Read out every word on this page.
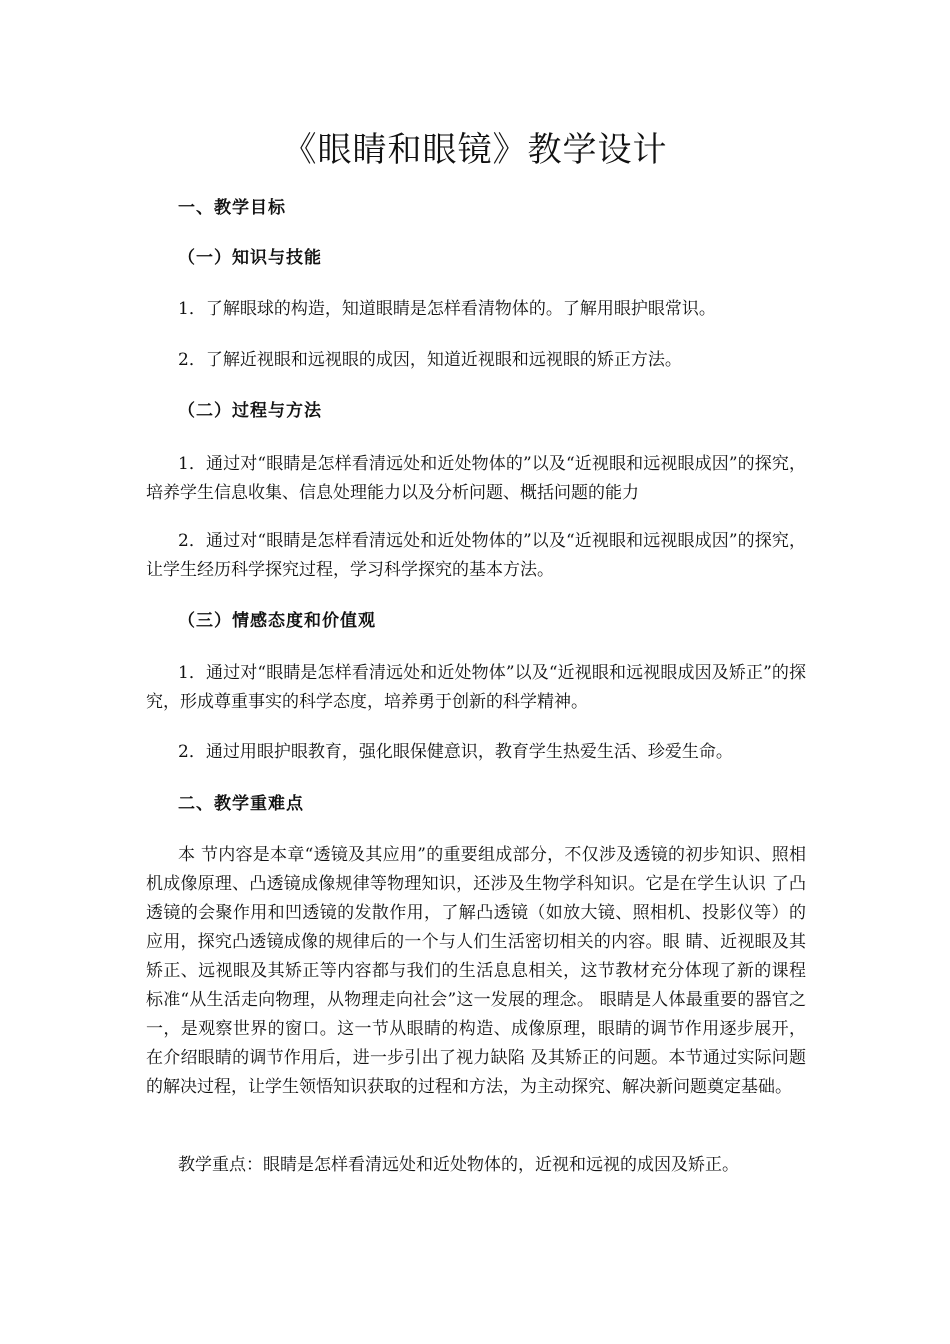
《眼睛和眼镜》教学设计
一、教学目标
（一）知识与技能
1．了解眼球的构造，知道眼睛是怎样看清物体的。了解用眼护眼常识。
2．了解近视眼和远视眼的成因，知道近视眼和远视眼的矫正方法。
（二）过程与方法
1．通过对“眼睛是怎样看清远处和近处物体的”以及“近视眼和远视眼成因”的探究， 培养学生信息收集、信息处理能力以及分析问题、概括问题的能力
2．通过对“眼睛是怎样看清远处和近处物体的”以及“近视眼和远视眼成因”的探究，让学生经历科学探究过程，学习科学探究的基本方法。
（三）情感态度和价值观
1．通过对“眼睛是怎样看清远处和近处物体”以及“近视眼和远视眼成因及矫正”的探究，形成尊重事实的科学态度，培养勇于创新的科学精神。
2．通过用眼护眼教育，强化眼保健意识，教育学生热爱生活、珍爱生命。
二、教学重难点
本 节内容是本章“透镜及其应用”的重要组成部分，不仅涉及透镜的初步知识、照相机成像原理、凸透镜成像规律等物理知识，还涉及生物学科知识。它是在学生认识 了凸透镜的会聚作用和凹透镜的发散作用，了解凸透镜（如放大镜、照相机、投影仪等）的应用，探究凸透镜成像的规律后的一个与人们生活密切相关的内容。眼 睛、近视眼及其矫正、远视眼及其矫正等内容都与我们的生活息息相关，这节教材充分体现了新的课程标准“从生活走向物理，从物理走向社会”这一发展的理念。 眼睛是人体最重要的器官之一，是观察世界的窗口。这一节从眼睛的构造、成像原理，眼睛的调节作用逐步展开，在介绍眼睛的调节作用后，进一步引出了视力缺陷 及其矫正的问题。本节通过实际问题的解决过程，让学生领悟知识获取的过程和方法，为主动探究、解决新问题奠定基础。
教学重点：眼睛是怎样看清远处和近处物体的，近视和远视的成因及矫正。
